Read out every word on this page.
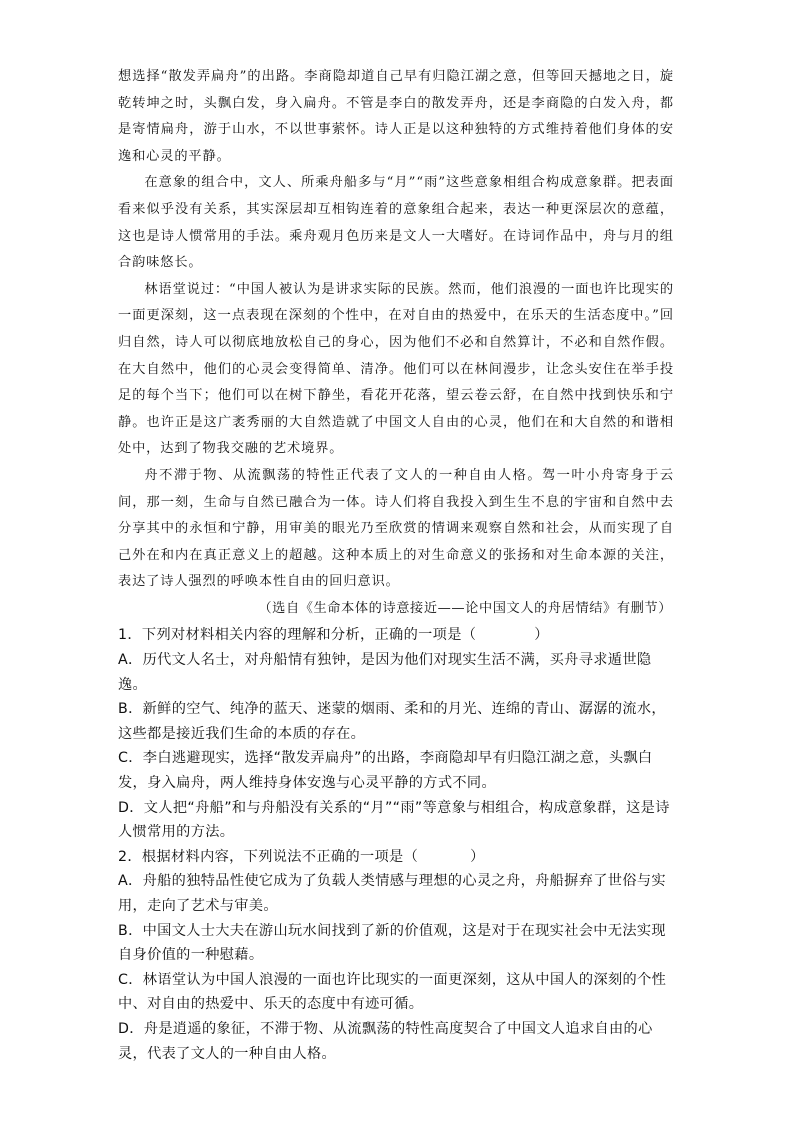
想选择“散发弄扁舟”的出路。李商隐却道自己早有归隐江湖之意，但等回天撼地之日，旋乾转坤之时，头飘白发，身入扁舟。不管是李白的散发弄舟，还是李商隐的白发入舟，都是寄情扁舟，游于山水，不以世事萦怀。诗人正是以这种独特的方式维持着他们身体的安逸和心灵的平静。

在意象的组合中，文人、所乘舟船多与“月”“雨”这些意象相组合构成意象群。把表面看来似乎没有关系，其实深层却互相钩连着的意象组合起来，表达一种更深层次的意蕴，这也是诗人惯常用的手法。乘舟观月色历来是文人一大嗜好。在诗词作品中，舟与月的组合韵味悠长。

林语堂说过：“中国人被认为是讲求实际的民族。然而，他们浪漫的一面也许比现实的一面更深刻，这一点表现在深刻的个性中，在对自由的热爱中，在乐天的生活态度中。”回归自然，诗人可以彻底地放松自己的身心，因为他们不必和自然算计，不必和自然作假。在大自然中，他们的心灵会变得简单、清净。他们可以在林间漫步，让念头安住在举手投足的每个当下；他们可以在树下静坐，看花开花落，望云卷云舒，在自然中找到快乐和宁静。也许正是这广袤秀丽的大自然造就了中国文人自由的心灵，他们在和大自然的和谐相处中，达到了物我交融的艺术境界。

舟不滞于物、从流飘荡的特性正代表了文人的一种自由人格。驾一叶小舟寄身于云间，那一刻，生命与自然已融合为一体。诗人们将自我投入到生生不息的宇宙和自然中去分享其中的永恒和宁静，用审美的眼光乃至欣赏的情调来观察自然和社会，从而实现了自己外在和内在真正意义上的超越。这种本质上的对生命意义的张扬和对生命本源的关注，表达了诗人强烈的呼唤本性自由的回归意识。

（选自《生命本体的诗意接近——论中国文人的舟居情结》有删节）

1．下列对材料相关内容的理解和分析，正确的一项是（	）

A．历代文人名士，对舟船情有独钟，是因为他们对现实生活不满，买舟寻求遁世隐逸。

B．新鲜的空气、纯净的蓝天、迷蒙的烟雨、柔和的月光、连绵的青山、潺潺的流水，这些都是接近我们生命的本质的存在。

C．李白逃避现实，选择“散发弄扁舟”的出路，李商隐却早有归隐江湖之意，头飘白发，身入扁舟，两人维持身体安逸与心灵平静的方式不同。

D．文人把“舟船”和与舟船没有关系的“月”“雨”等意象与相组合，构成意象群，这是诗人惯常用的方法。

2．根据材料内容，下列说法不正确的一项是（	）

A．舟船的独特品性使它成为了负载人类情感与理想的心灵之舟，舟船摒弃了世俗与实用，走向了艺术与审美。

B．中国文人士大夫在游山玩水间找到了新的价值观，这是对于在现实社会中无法实现自身价值的一种慰藉。

C．林语堂认为中国人浪漫的一面也许比现实的一面更深刻，这从中国人的深刻的个性中、对自由的热爱中、乐天的态度中有迹可循。

D．舟是逍遥的象征，不滞于物、从流飘荡的特性高度契合了中国文人追求自由的心灵，代表了文人的一种自由人格。
